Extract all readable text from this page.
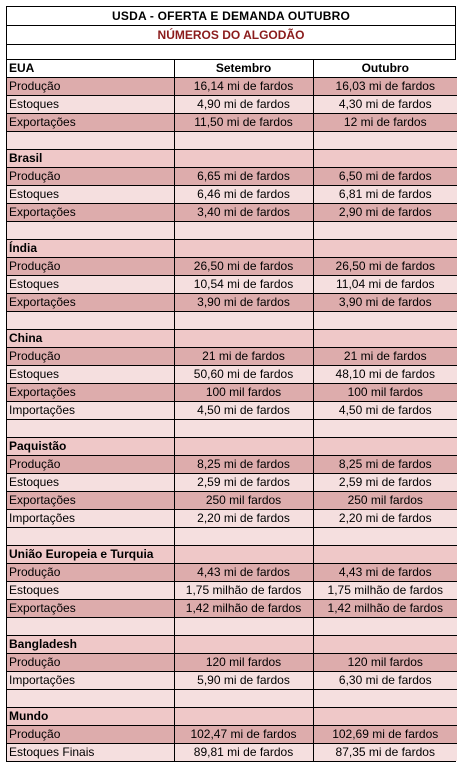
USDA - OFERTA E DEMANDA OUTUBRO
NÚMEROS DO ALGODÃO
EUA	Setembro	Outubro
Produção	16,14 mi de fardos	16,03 mi de fardos
Estoques	4,90 mi de fardos	4,30 mi de fardos
Exportações	11,50 mi de fardos	12 mi de fardos

Brasil		
Produção	6,65 mi de fardos	6,50 mi de fardos
Estoques	6,46 mi de fardos	6,81 mi de fardos
Exportações	3,40 mi de fardos	2,90 mi de fardos

Índia		
Produção	26,50 mi de fardos	26,50 mi de fardos
Estoques	10,54 mi de fardos	11,04 mi de fardos
Exportações	3,90 mi de fardos	3,90 mi de fardos

China		
Produção	21 mi de fardos	21 mi de fardos
Estoques	50,60 mi de fardos	48,10 mi de fardos
Exportações	100 mil fardos	100 mil fardos
Importações	4,50 mi de fardos	4,50 mi de fardos

Paquistão		
Produção	8,25 mi de fardos	8,25 mi de fardos
Estoques	2,59 mi de fardos	2,59 mi de fardos
Exportações	250 mil fardos	250 mil fardos
Importações	2,20 mi de fardos	2,20 mi de fardos

União Europeia e Turquia		
Produção	4,43 mi de fardos	4,43 mi de fardos
Estoques	1,75 milhão de fardos	1,75 milhão de fardos
Exportações	1,42 milhão de fardos	1,42 milhão de fardos

Bangladesh		
Produção	120 mil fardos	120 mil fardos
Importações	5,90 mi de fardos	6,30 mi de fardos

Mundo		
Produção	102,47 mi de fardos	102,69 mi de fardos
Estoques Finais	89,81 mi de fardos	87,35 mi de fardos
